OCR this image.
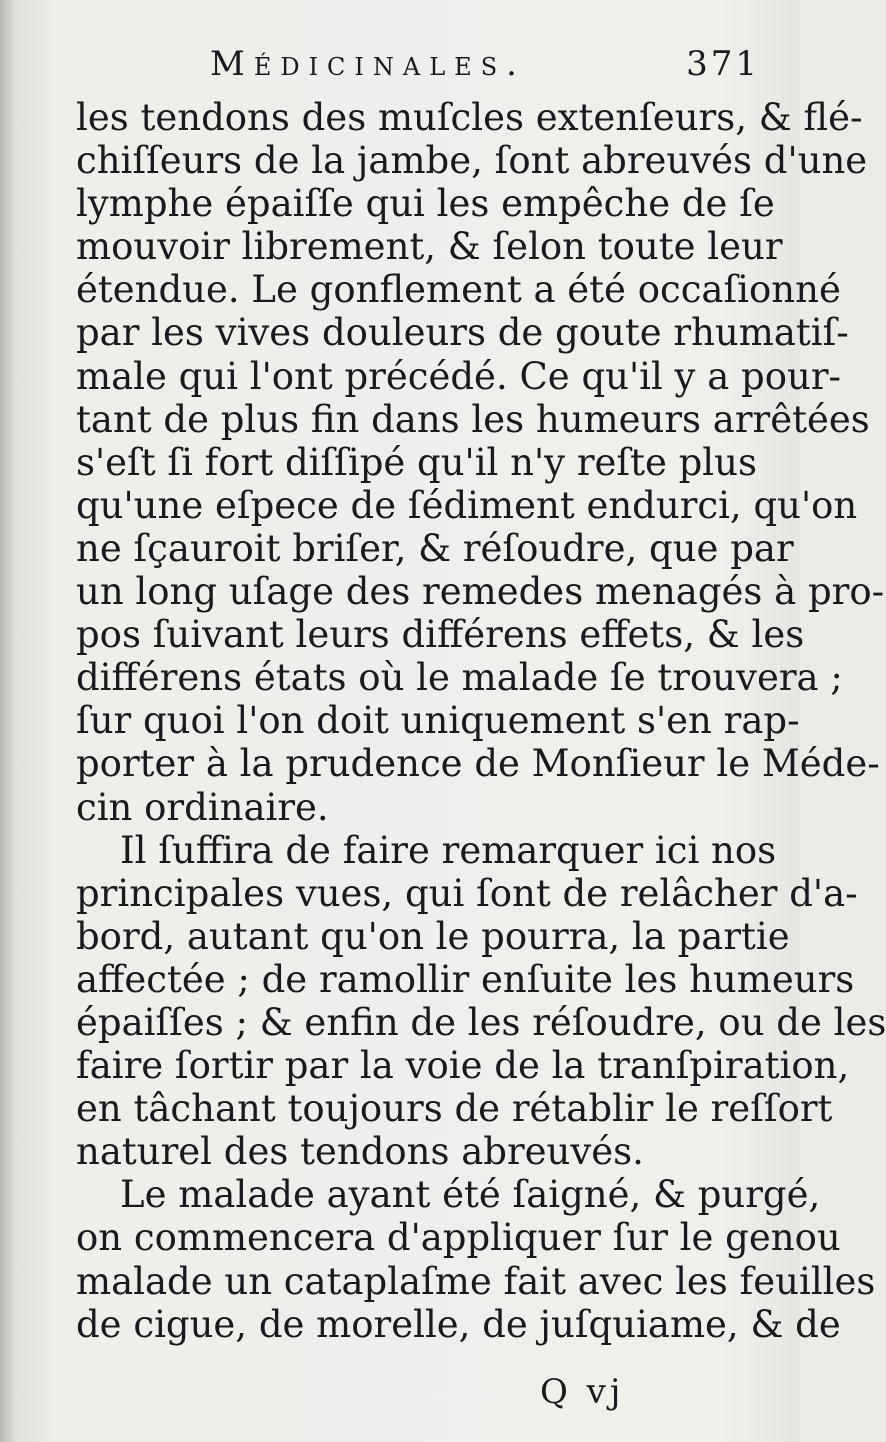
Médicinales.	371
les tendons des muſcles extenſeurs, & flé-
chiſſeurs de la jambe, ſont abreuvés d'une
lymphe épaiſſe qui les empêche de ſe
mouvoir librement, & ſelon toute leur
étendue. Le gonflement a été occaſionné
par les vives douleurs de goute rhumatiſ-
male qui l'ont précédé. Ce qu'il y a pour-
tant de plus fin dans les humeurs arrêtées
s'eſt ſi fort diſſipé qu'il n'y reſte plus
qu'une eſpece de ſédiment endurci, qu'on
ne ſçauroit briſer, & réſoudre, que par
un long uſage des remedes menagés à pro-
pos ſuivant leurs différens effets, & les
différens états où le malade ſe trouvera ;
ſur quoi l'on doit uniquement s'en rap-
porter à la prudence de Monſieur le Méde-
cin ordinaire.
Il ſuffira de faire remarquer ici nos
principales vues, qui ſont de relâcher d'a-
bord, autant qu'on le pourra, la partie
affectée ; de ramollir enſuite les humeurs
épaiſſes ; & enfin de les réſoudre, ou de les
faire ſortir par la voie de la tranſpiration,
en tâchant toujours de rétablir le reſſort
naturel des tendons abreuvés.
Le malade ayant été ſaigné, & purgé,
on commencera d'appliquer ſur le genou
malade un cataplaſme fait avec les feuilles
de cigue, de morelle, de juſquiame, & de
Q vj
